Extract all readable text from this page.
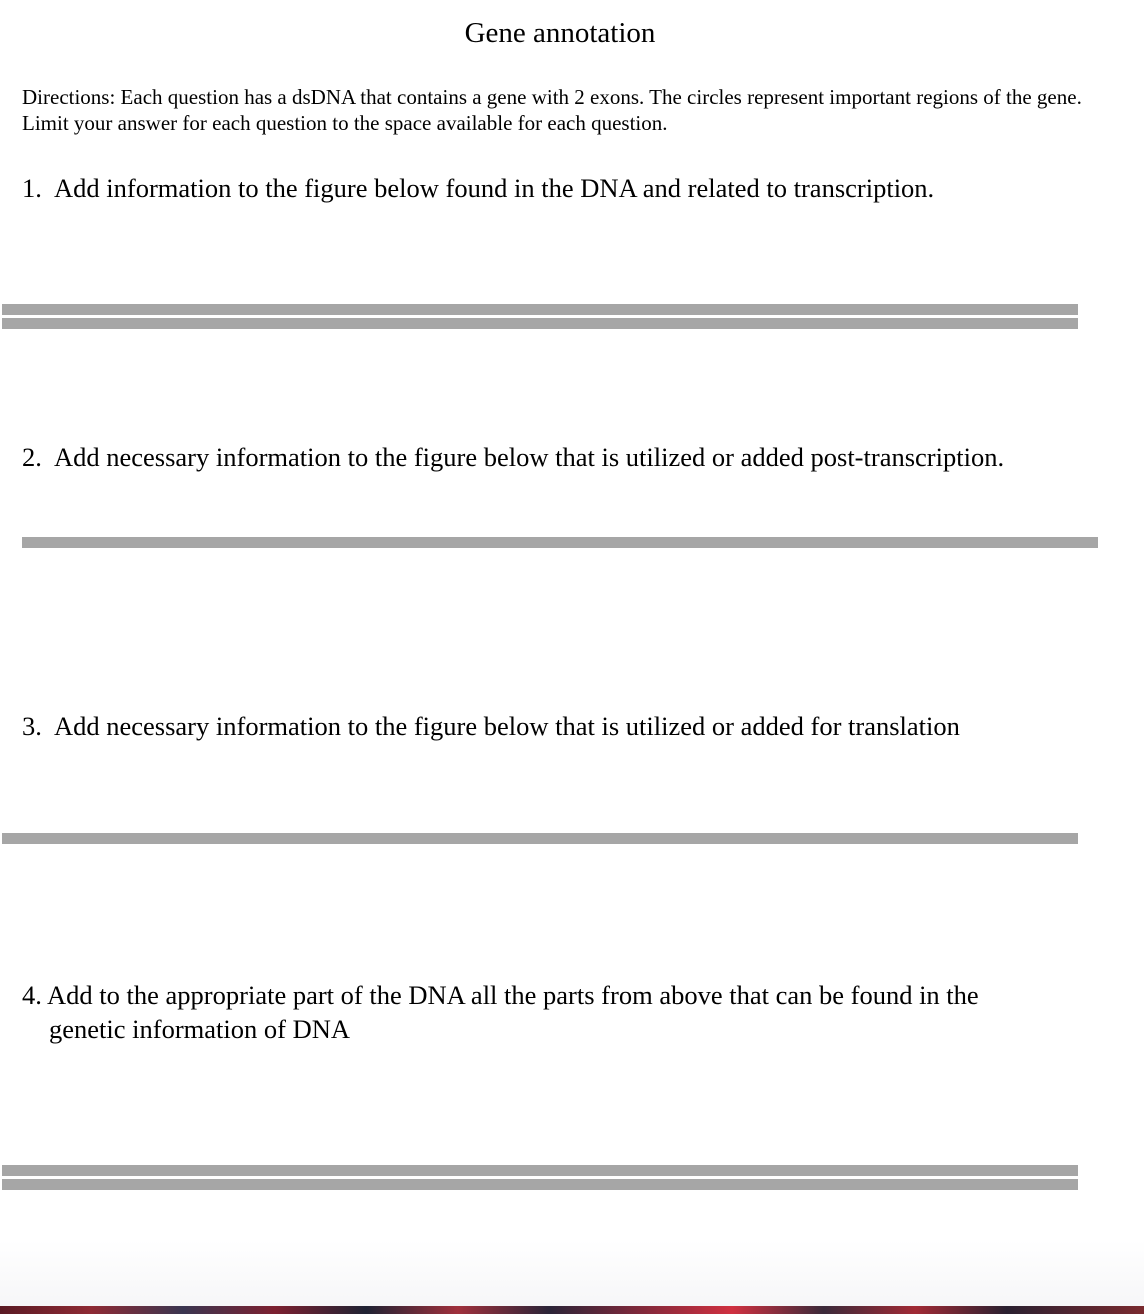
Gene annotation

Directions: Each question has a dsDNA that contains a gene with 2 exons. The circles represent important regions of the gene. Limit your answer for each question to the space available for each question.

1. Add information to the figure below found in the DNA and related to transcription.

2. Add necessary information to the figure below that is utilized or added post-transcription.

3. Add necessary information to the figure below that is utilized or added for translation

4. Add to the appropriate part of the DNA all the parts from above that can be found in the
genetic information of DNA
